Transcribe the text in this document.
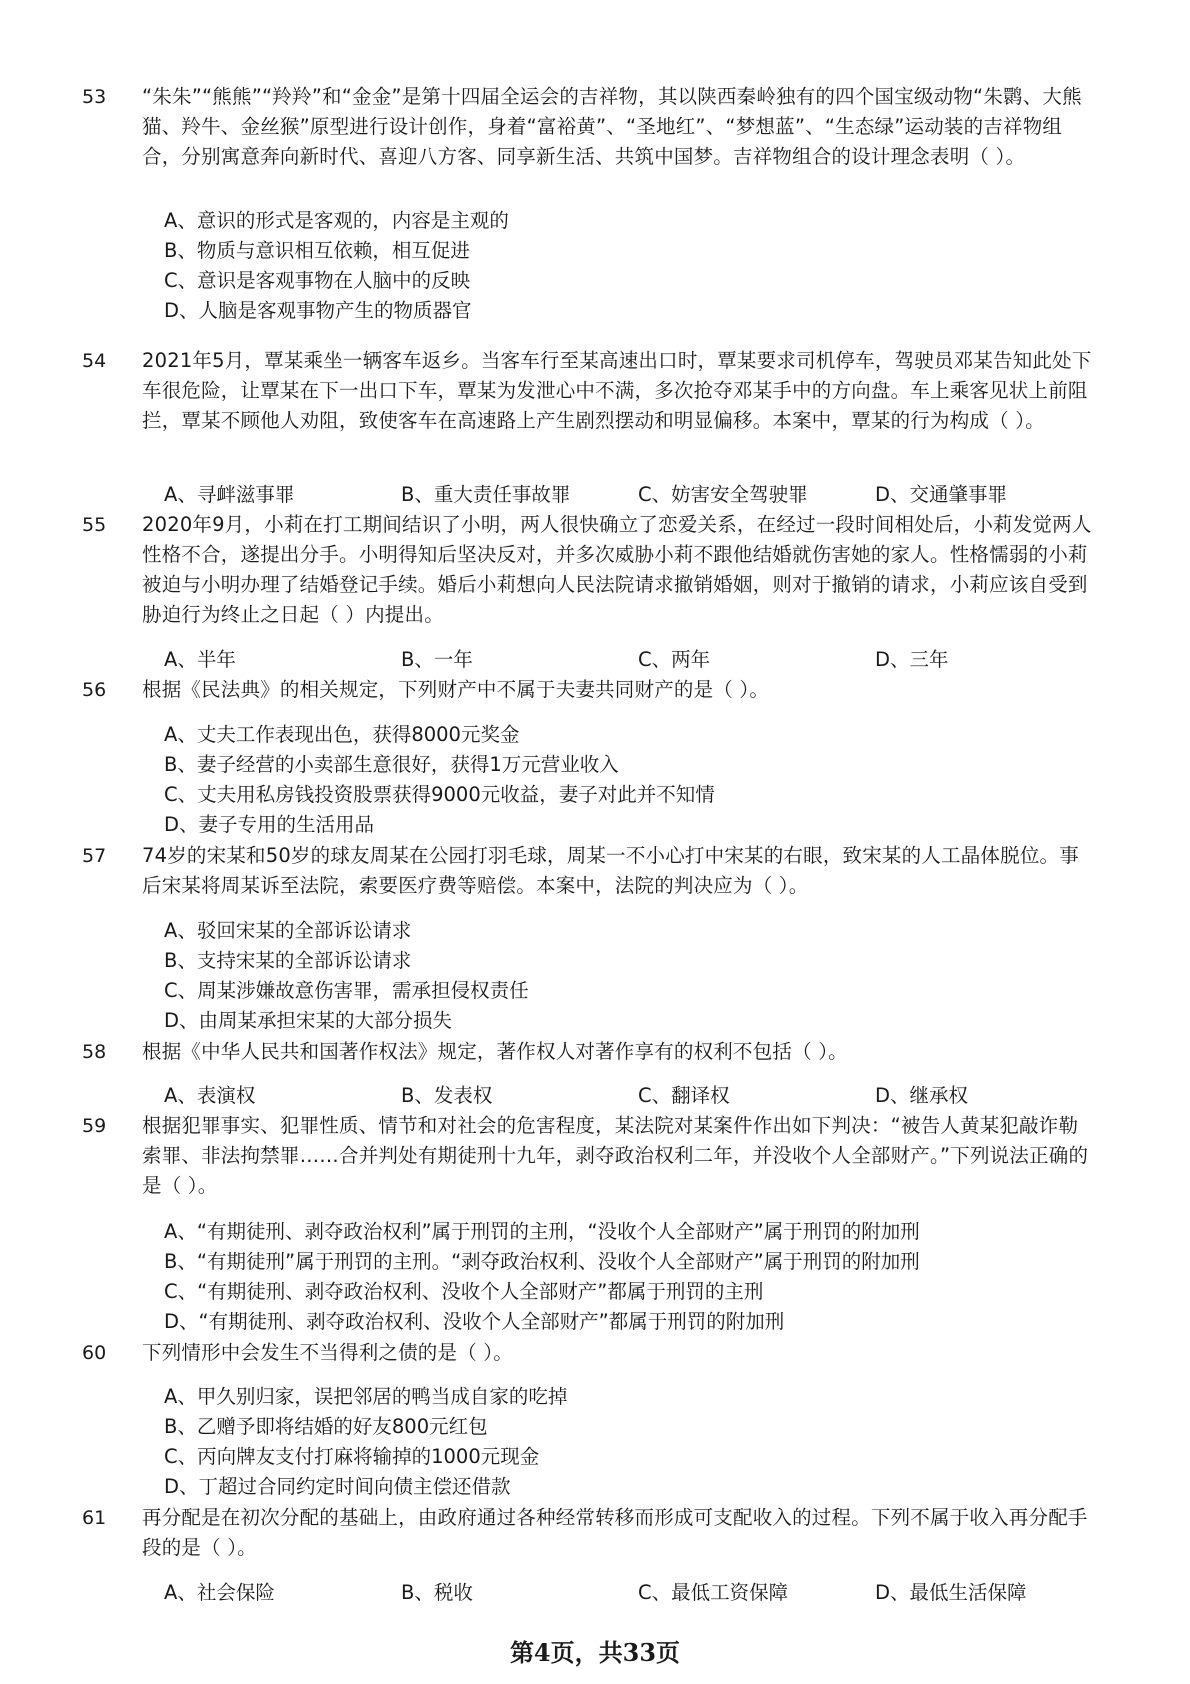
53	“朱朱”“熊熊”“羚羚”和“金金”是第十四届全运会的吉祥物，其以陕西秦岭独有的四个国宝级动物“朱鹮、大熊猫、羚牛、金丝猴”原型进行设计创作，身着“富裕黄”、“圣地红”、“梦想蓝”、“生态绿”运动装的吉祥物组合，分别寓意奔向新时代、喜迎八方客、同享新生活、共筑中国梦。吉祥物组合的设计理念表明（ ）。
A、意识的形式是客观的，内容是主观的
B、物质与意识相互依赖，相互促进
C、意识是客观事物在人脑中的反映
D、人脑是客观事物产生的物质器官
54	2021年5月，覃某乘坐一辆客车返乡。当客车行至某高速出口时，覃某要求司机停车，驾驶员邓某告知此处下车很危险，让覃某在下一出口下车，覃某为发泄心中不满，多次抢夺邓某手中的方向盘。车上乘客见状上前阻拦，覃某不顾他人劝阻，致使客车在高速路上产生剧烈摆动和明显偏移。本案中，覃某的行为构成（ ）。
A、寻衅滋事罪	B、重大责任事故罪	C、妨害安全驾驶罪	D、交通肇事罪
55	2020年9月，小莉在打工期间结识了小明，两人很快确立了恋爱关系，在经过一段时间相处后，小莉发觉两人性格不合，遂提出分手。小明得知后坚决反对，并多次威胁小莉不跟他结婚就伤害她的家人。性格懦弱的小莉被迫与小明办理了结婚登记手续。婚后小莉想向人民法院请求撤销婚姻，则对于撤销的请求，小莉应该自受到胁迫行为终止之日起（ ）内提出。
A、半年	B、一年	C、两年	D、三年
56	根据《民法典》的相关规定，下列财产中不属于夫妻共同财产的是（ ）。
A、丈夫工作表现出色，获得8000元奖金
B、妻子经营的小卖部生意很好，获得1万元营业收入
C、丈夫用私房钱投资股票获得9000元收益，妻子对此并不知情
D、妻子专用的生活用品
57	74岁的宋某和50岁的球友周某在公园打羽毛球，周某一不小心打中宋某的右眼，致宋某的人工晶体脱位。事后宋某将周某诉至法院，索要医疗费等赔偿。本案中，法院的判决应为（ ）。
A、驳回宋某的全部诉讼请求
B、支持宋某的全部诉讼请求
C、周某涉嫌故意伤害罪，需承担侵权责任
D、由周某承担宋某的大部分损失
58	根据《中华人民共和国著作权法》规定，著作权人对著作享有的权利不包括（ ）。
A、表演权	B、发表权	C、翻译权	D、继承权
59	根据犯罪事实、犯罪性质、情节和对社会的危害程度，某法院对某案件作出如下判决：“被告人黄某犯敲诈勒索罪、非法拘禁罪……合并判处有期徒刑十九年，剥夺政治权利二年，并没收个人全部财产。”下列说法正确的是（ ）。
A、“有期徒刑、剥夺政治权利”属于刑罚的主刑，“没收个人全部财产”属于刑罚的附加刑
B、“有期徒刑”属于刑罚的主刑。“剥夺政治权利、没收个人全部财产”属于刑罚的附加刑
C、“有期徒刑、剥夺政治权利、没收个人全部财产”都属于刑罚的主刑
D、“有期徒刑、剥夺政治权利、没收个人全部财产”都属于刑罚的附加刑
60	下列情形中会发生不当得利之债的是（ ）。
A、甲久别归家，误把邻居的鸭当成自家的吃掉
B、乙赠予即将结婚的好友800元红包
C、丙向牌友支付打麻将输掉的1000元现金
D、丁超过合同约定时间向债主偿还借款
61	再分配是在初次分配的基础上，由政府通过各种经常转移而形成可支配收入的过程。下列不属于收入再分配手段的是（ ）。
A、社会保险	B、税收	C、最低工资保障	D、最低生活保障
第4页，共33页
